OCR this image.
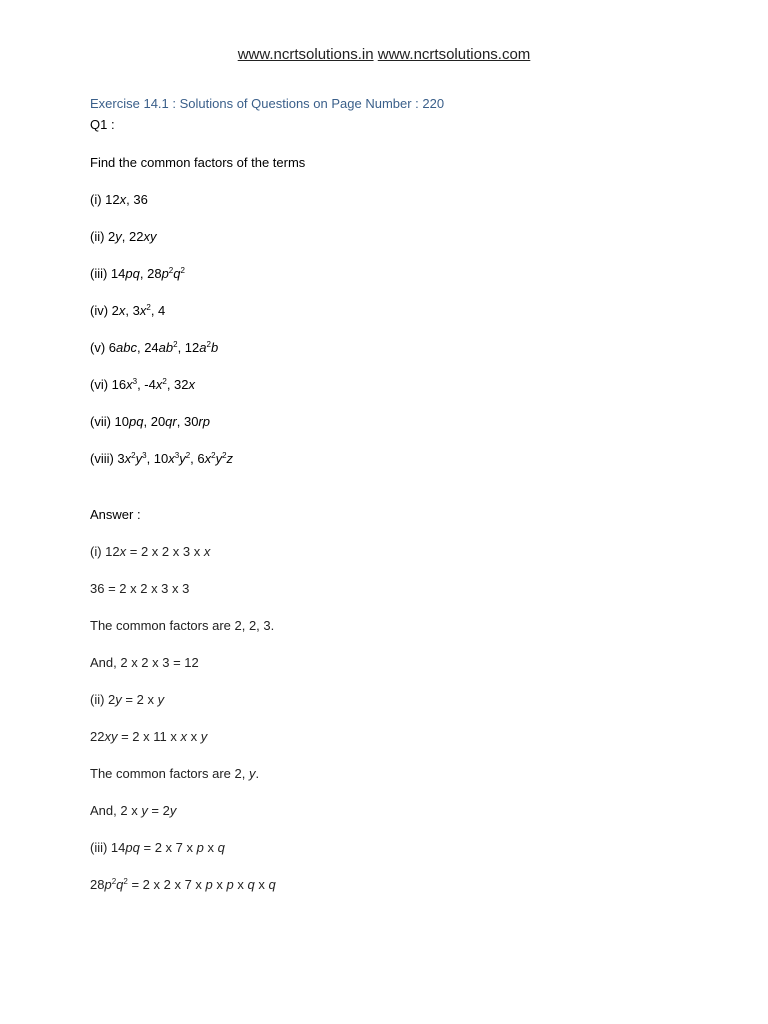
www.ncrtsolutions.in www.ncrtsolutions.com
Exercise 14.1 : Solutions of Questions on Page Number : 220
Q1 :
Find the common factors of the terms
(i) 12x, 36
(ii) 2y, 22xy
(iii) 14pq, $28p^2q^2$
(iv) 2x, $3x^2$, 4
(v) 6abc, $24ab^2$, $12a^2b$
(vi) $16x^3$, $-4x^2$, 32x
(vii) 10pq, 20qr, 30rp
(viii) $3x^2y^3$, $10x^3y^2$, $6x^2y^2z$
Answer :
(i) 12x = 2 x 2 x 3 x x
36 = 2 x 2 x 3 x 3
The common factors are 2, 2, 3.
And, 2 x 2 x 3 = 12
(ii) 2y = 2 x y
22xy = 2 x 11 x x x y
The common factors are 2, y.
And, 2 x y = 2y
(iii) 14pq = 2 x 7 x p x q
$28p^2q^2 = 2$ x 2 x 7 x p x p x q x q
